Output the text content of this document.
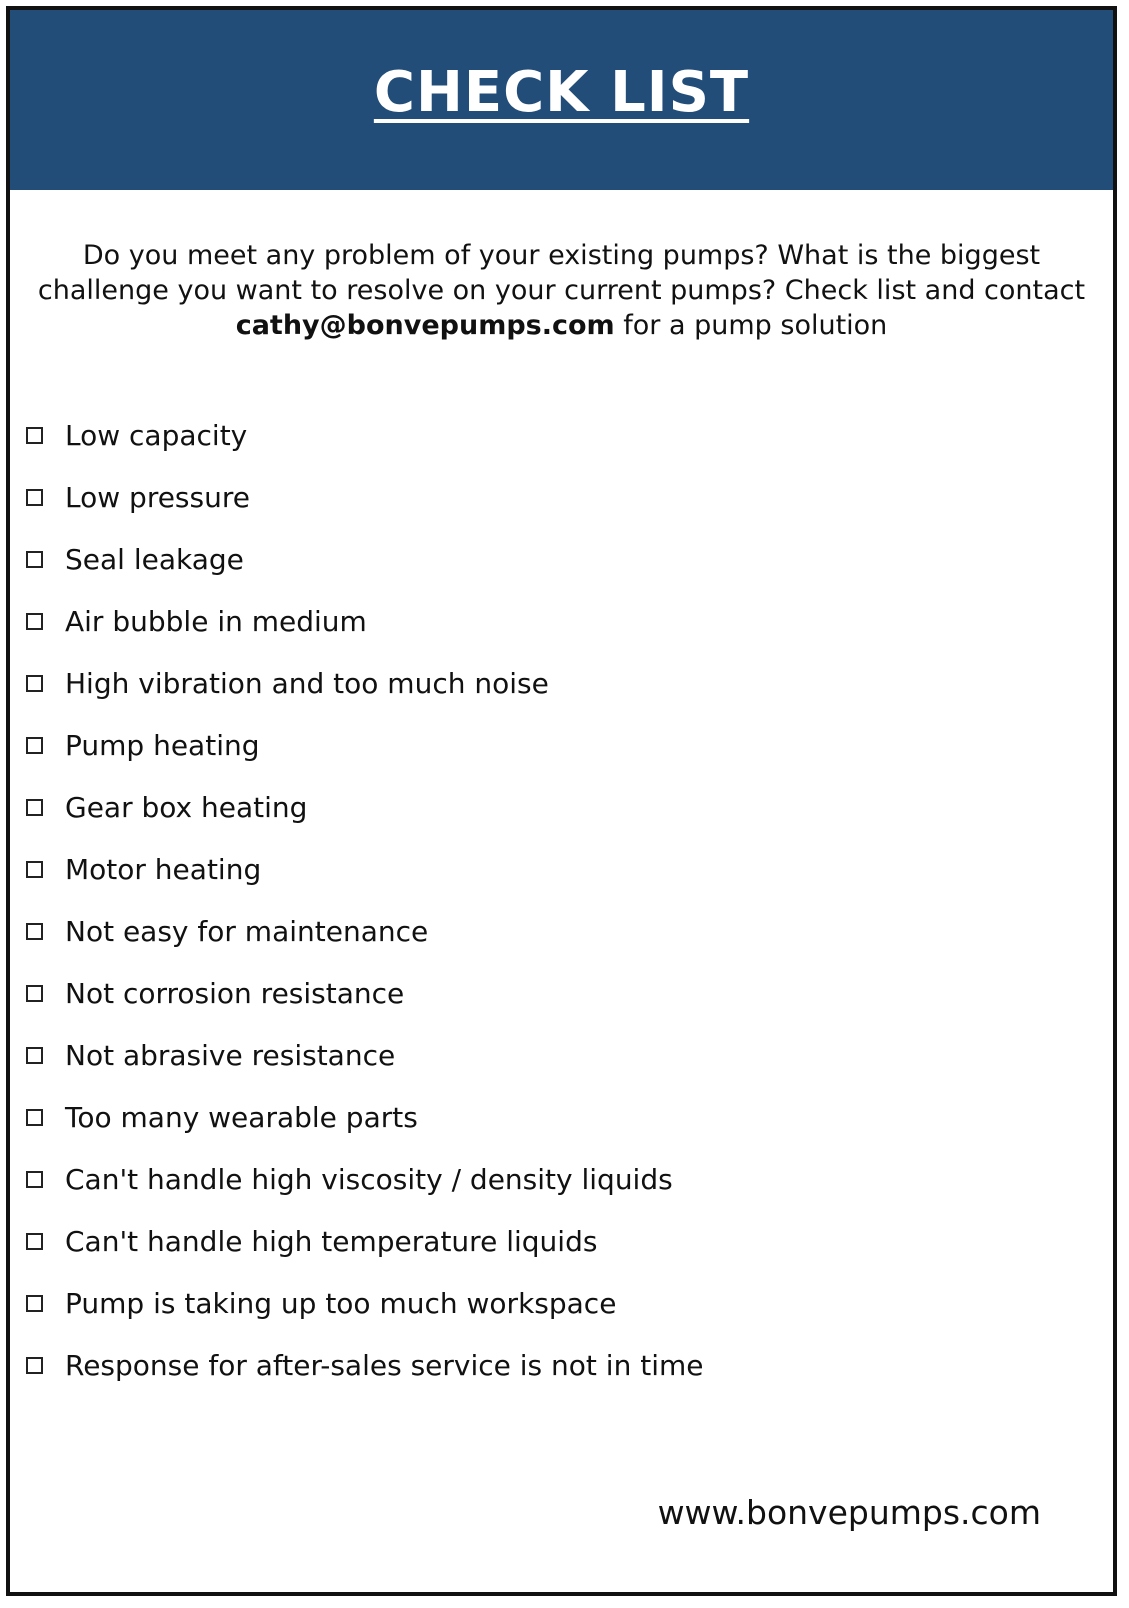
CHECK LIST
Do you meet any problem of your existing pumps? What is the biggest
challenge you want to resolve on your current pumps? Check list and contact
cathy@bonvepumps.com for a pump solution
Low capacity
Low pressure
Seal leakage
Air bubble in medium
High vibration and too much noise
Pump heating
Gear box heating
Motor heating
Not easy for maintenance
Not corrosion resistance
Not abrasive resistance
Too many wearable parts
Can't handle high viscosity / density liquids
Can't handle high temperature liquids
Pump is taking up too much workspace
Response for after-sales service is not in time
www.bonvepumps.com
